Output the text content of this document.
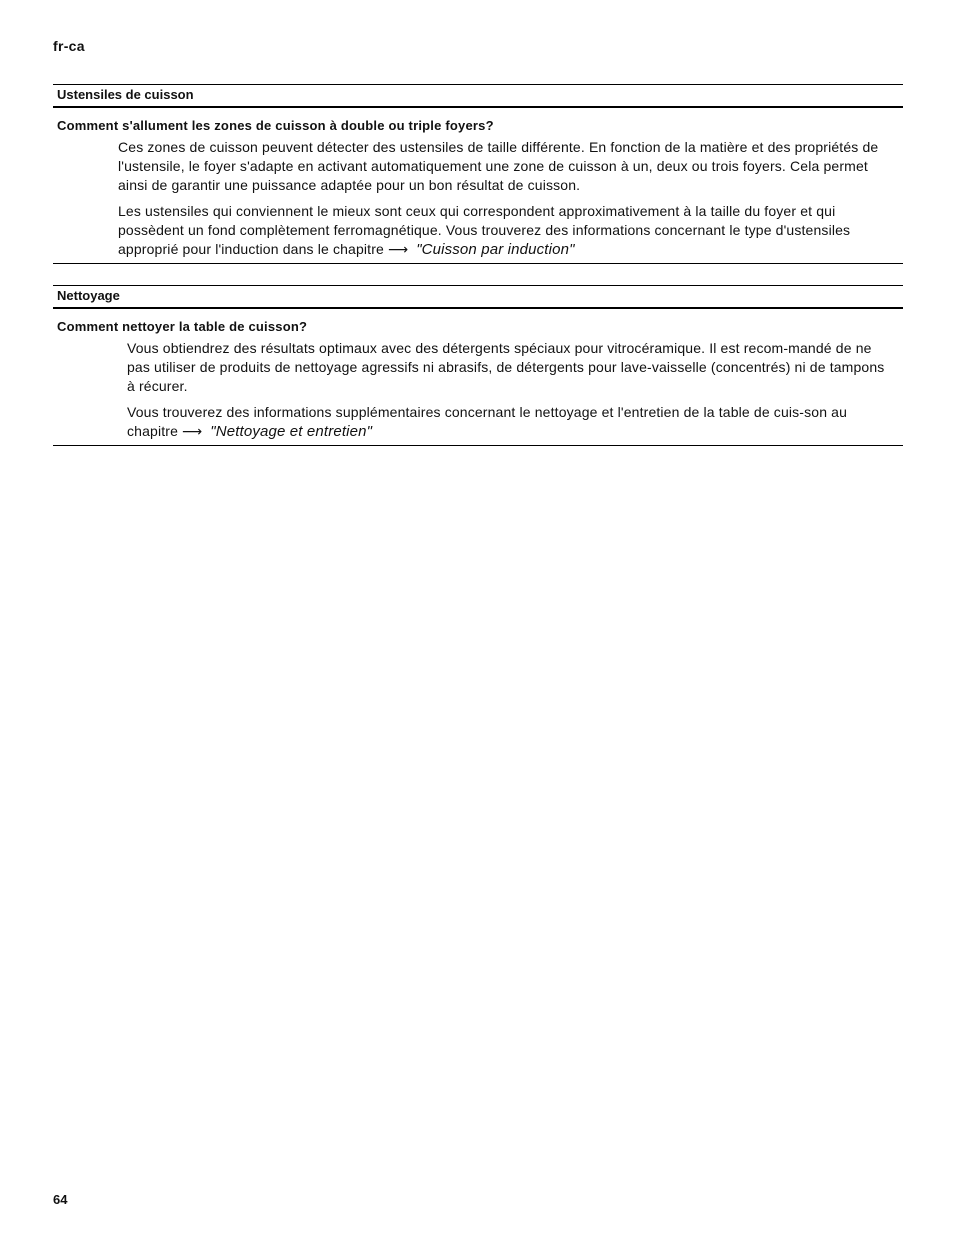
fr-ca
Ustensiles de cuisson
Comment s'allument les zones de cuisson à double ou triple foyers?

Ces zones de cuisson peuvent détecter des ustensiles de taille différente. En fonction de la matière et des propriétés de l'ustensile, le foyer s'adapte en activant automatiquement une zone de cuisson à un, deux ou trois foyers. Cela permet ainsi de garantir une puissance adaptée pour un bon résultat de cuisson.

Les ustensiles qui conviennent le mieux sont ceux qui correspondent approximativement à la taille du foyer et qui possèdent un fond complètement ferromagnétique. Vous trouverez des informations concernant le type d'ustensiles approprié pour l'induction dans le chapitre ⟶ "Cuisson par induction"

Nettoyage
Comment nettoyer la table de cuisson?

Vous obtiendrez des résultats optimaux avec des détergents spéciaux pour vitrocéramique. Il est recom-mandé de ne pas utiliser de produits de nettoyage agressifs ni abrasifs, de détergents pour lave-vaisselle (concentrés) ni de tampons à récurer.

Vous trouverez des informations supplémentaires concernant le nettoyage et l'entretien de la table de cuis-son au chapitre ⟶ "Nettoyage et entretien"

64
